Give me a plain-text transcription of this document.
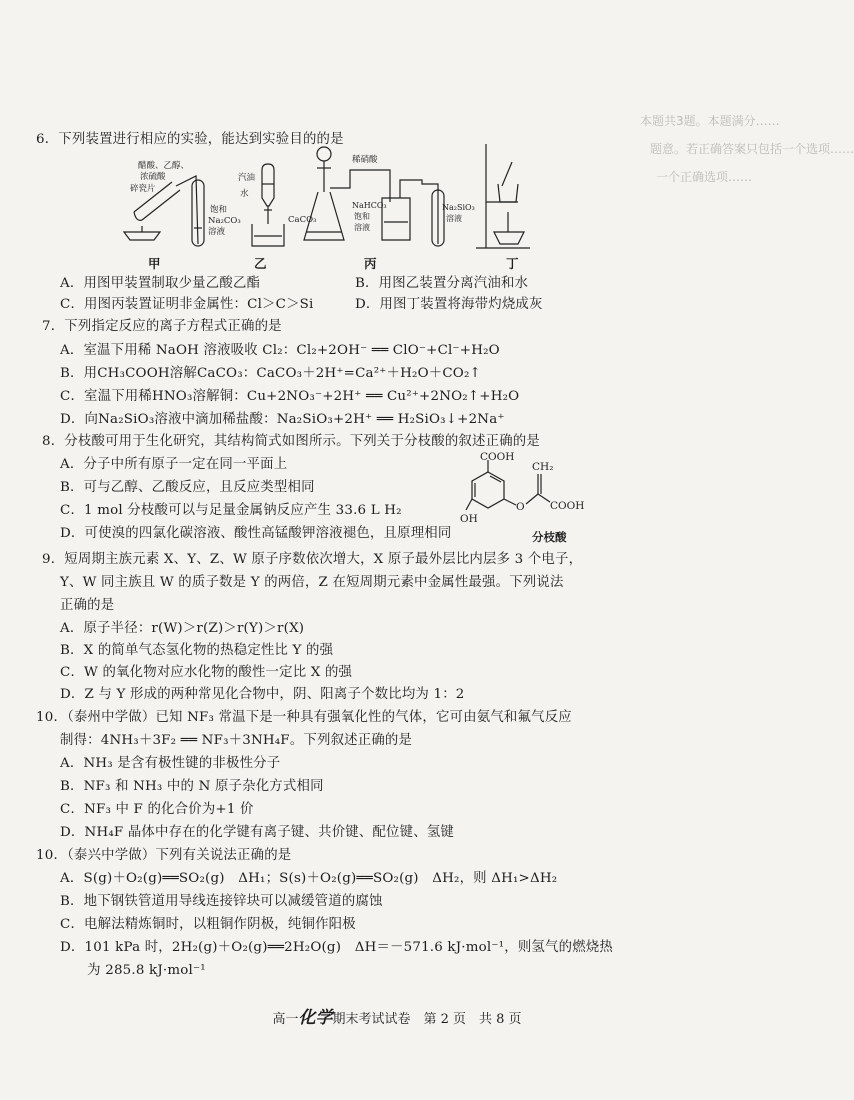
本题共3题。本题满分……
题意。若正确答案只包括一个选项……
一个正确选项……
6．下列装置进行相应的实验，能达到实验目的的是
醋酸、乙醇、
浓硫酸
碎瓷片
饱和
Na₂CO₃
溶液
汽油
水
稀硝酸
CaCO₃
NaHCO₃
饱和
溶液
Na₂SiO₃
溶液
甲	乙	丙	丁
A．用图甲装置制取少量乙酸乙酯	B．用图乙装置分离汽油和水
C．用图丙装置证明非金属性：Cl＞C＞Si	D．用图丁装置将海带灼烧成灰
7．下列指定反应的离子方程式正确的是
A．室温下用稀 NaOH 溶液吸收 Cl₂：Cl₂+2OH⁻ ══ ClO⁻+Cl⁻+H₂O
B．用CH₃COOH溶解CaCO₃：CaCO₃＋2H⁺=Ca²⁺＋H₂O＋CO₂↑
C．室温下用稀HNO₃溶解铜：Cu+2NO₃⁻+2H⁺ ══ Cu²⁺+2NO₂↑+H₂O
D．向Na₂SiO₃溶液中滴加稀盐酸：Na₂SiO₃+2H⁺ ══ H₂SiO₃↓+2Na⁺
8．分枝酸可用于生化研究，其结构简式如图所示。下列关于分枝酸的叙述正确的是
A．分子中所有原子一定在同一平面上
B．可与乙醇、乙酸反应，且反应类型相同
C．1 mol 分枝酸可以与足量金属钠反应产生 33.6 L H₂
D．可使溴的四氯化碳溶液、酸性高锰酸钾溶液褪色，且原理相同
COOH
OH
O
CH₂
COOH
分枝酸
9．短周期主族元素 X、Y、Z、W 原子序数依次增大，X 原子最外层比内层多 3 个电子，
Y、W 同主族且 W 的质子数是 Y 的两倍，Z 在短周期元素中金属性最强。下列说法
正确的是
A．原子半径：r(W)＞r(Z)＞r(Y)＞r(X)
B．X 的简单气态氢化物的热稳定性比 Y 的强
C．W 的氧化物对应水化物的酸性一定比 X 的强
D．Z 与 Y 形成的两种常见化合物中，阴、阳离子个数比均为 1：2
10．（泰州中学做）已知 NF₃ 常温下是一种具有强氧化性的气体，它可由氨气和氟气反应
制得：4NH₃＋3F₂ ══ NF₃＋3NH₄F。下列叙述正确的是
A．NH₃ 是含有极性键的非极性分子
B．NF₃ 和 NH₃ 中的 N 原子杂化方式相同
C．NF₃ 中 F 的化合价为+1 价
D．NH₄F 晶体中存在的化学键有离子键、共价键、配位键、氢键
10．（泰兴中学做）下列有关说法正确的是
A．S(g)＋O₂(g)══SO₂(g)　ΔH₁；S(s)＋O₂(g)══SO₂(g)　ΔH₂，则 ΔH₁>ΔH₂
B．地下钢铁管道用导线连接锌块可以减缓管道的腐蚀
C．电解法精炼铜时，以粗铜作阴极，纯铜作阳极
D．101 kPa 时，2H₂(g)＋O₂(g)══2H₂O(g)　ΔH＝－571.6 kJ·mol⁻¹，则氢气的燃烧热
　　为 285.8 kJ·mol⁻¹
高一化学期末考试试卷　第 2 页　共 8 页
